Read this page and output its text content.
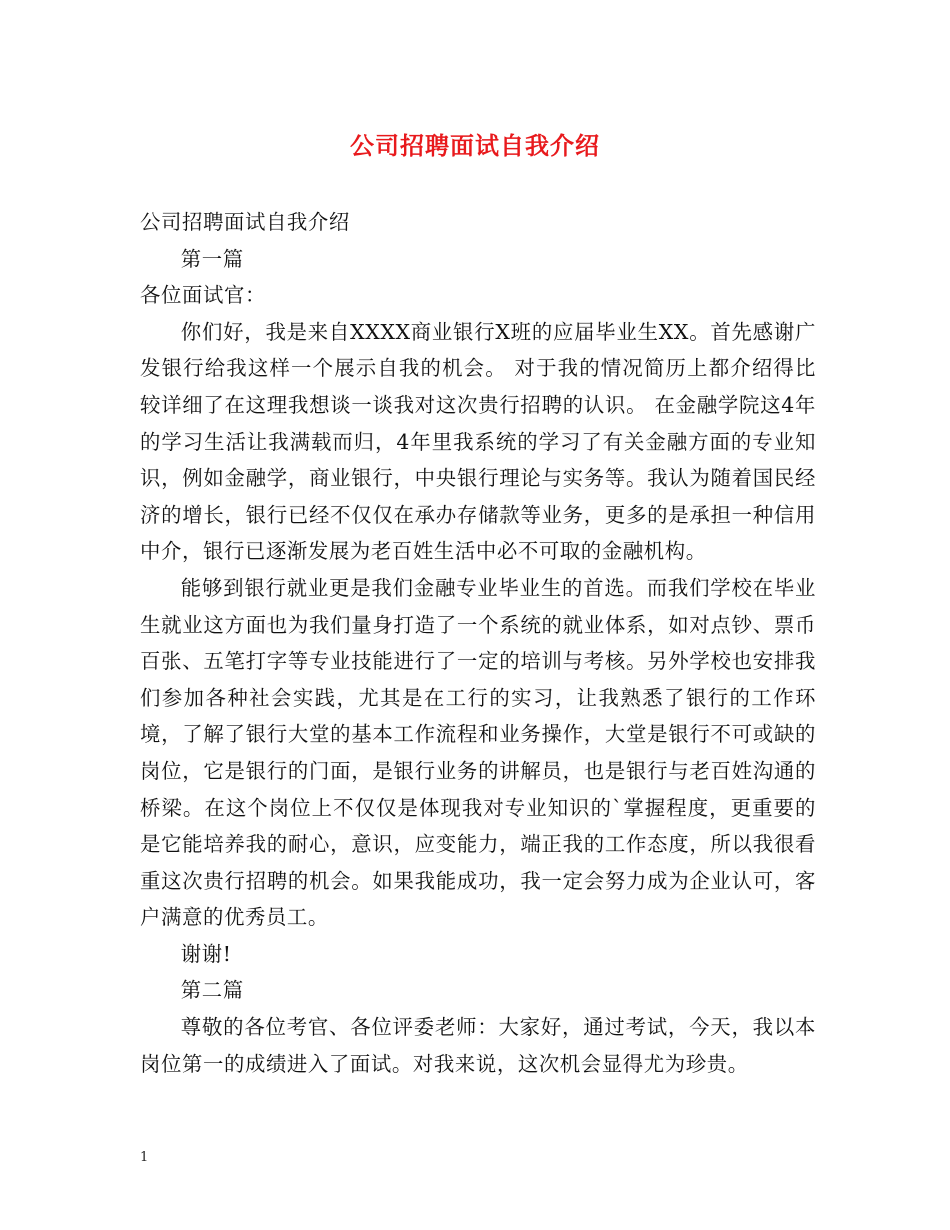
公司招聘面试自我介绍

公司招聘面试自我介绍

第一篇

各位面试官：

你们好，我是来自XXXX商业银行X班的应届毕业生XX。首先感谢广发银行给我这样一个展示自我的机会。 对于我的情况简历上都介绍得比较详细了在这理我想谈一谈我对这次贵行招聘的认识。 在金融学院这4年的学习生活让我满载而归，4年里我系统的学习了有关金融方面的专业知识，例如金融学，商业银行，中央银行理论与实务等。我认为随着国民经济的增长，银行已经不仅仅在承办存储款等业务，更多的是承担一种信用中介，银行已逐渐发展为老百姓生活中必不可取的金融机构。

能够到银行就业更是我们金融专业毕业生的首选。而我们学校在毕业生就业这方面也为我们量身打造了一个系统的就业体系，如对点钞、票币百张、五笔打字等专业技能进行了一定的培训与考核。另外学校也安排我们参加各种社会实践，尤其是在工行的实习，让我熟悉了银行的工作环境，了解了银行大堂的基本工作流程和业务操作，大堂是银行不可或缺的岗位，它是银行的门面，是银行业务的讲解员，也是银行与老百姓沟通的桥梁。在这个岗位上不仅仅是体现我对专业知识的`掌握程度，更重要的是它能培养我的耐心，意识，应变能力，端正我的工作态度，所以我很看重这次贵行招聘的机会。如果我能成功，我一定会努力成为企业认可，客户满意的优秀员工。

谢谢!

第二篇

尊敬的各位考官、各位评委老师：大家好，通过考试，今天，我以本岗位第一的成绩进入了面试。对我来说，这次机会显得尤为珍贵。

1
